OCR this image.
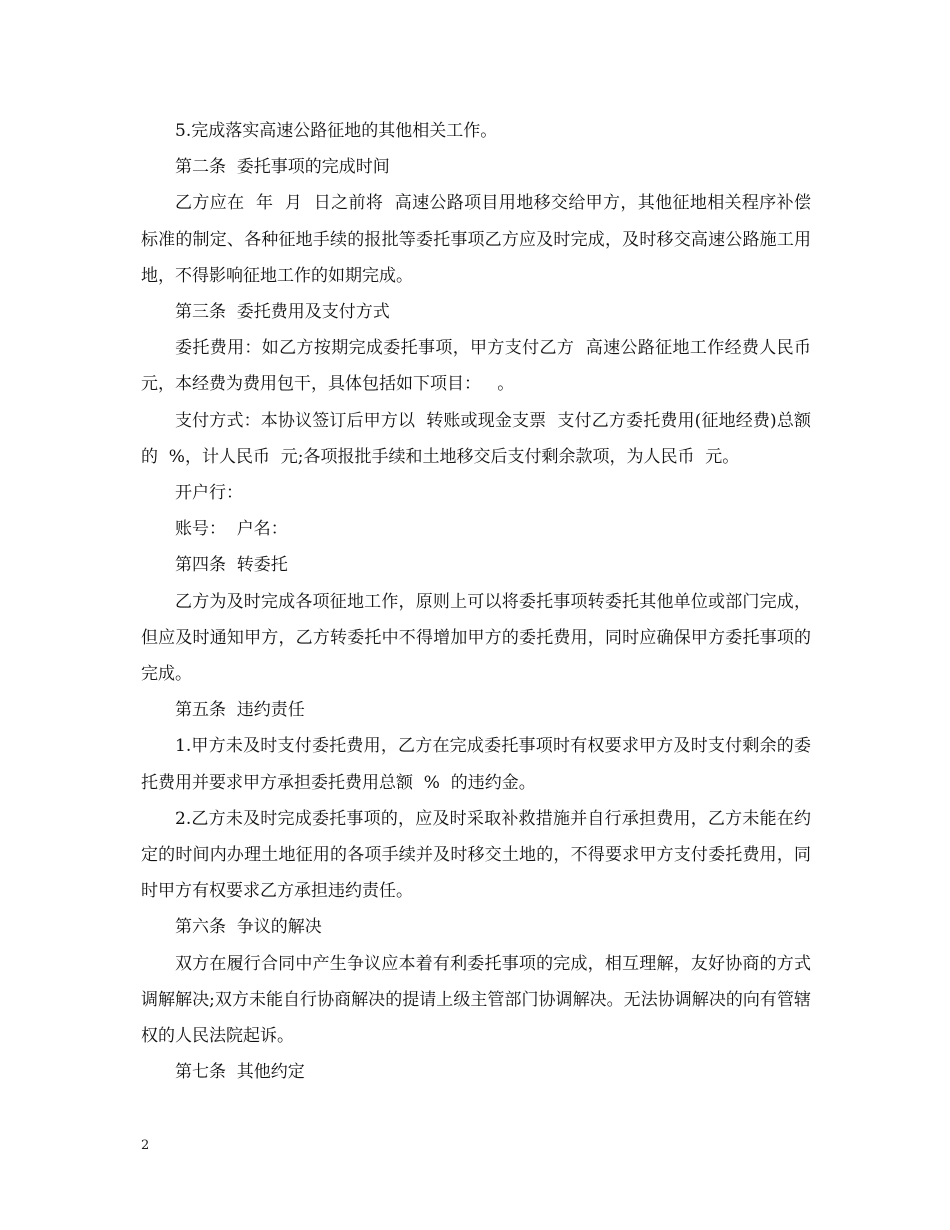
5.完成落实高速公路征地的其他相关工作。

第二条  委托事项的完成时间

乙方应在  年  月  日之前将  高速公路项目用地移交给甲方，其他征地相关程序补偿标准的制定、各种征地手续的报批等委托事项乙方应及时完成，及时移交高速公路施工用地，不得影响征地工作的如期完成。

第三条  委托费用及支付方式

委托费用：如乙方按期完成委托事项，甲方支付乙方  高速公路征地工作经费人民币  元，本经费为费用包干，具体包括如下项目：   。

支付方式：本协议签订后甲方以  转账或现金支票  支付乙方委托费用(征地经费)总额的  %，计人民币  元;各项报批手续和土地移交后支付剩余款项，为人民币  元。

开户行：

账号：  户名：

第四条  转委托

乙方为及时完成各项征地工作，原则上可以将委托事项转委托其他单位或部门完成，但应及时通知甲方，乙方转委托中不得增加甲方的委托费用，同时应确保甲方委托事项的完成。

第五条  违约责任

1.甲方未及时支付委托费用，乙方在完成委托事项时有权要求甲方及时支付剩余的委托费用并要求甲方承担委托费用总额  %  的违约金。

2.乙方未及时完成委托事项的，应及时采取补救措施并自行承担费用，乙方未能在约定的时间内办理土地征用的各项手续并及时移交土地的，不得要求甲方支付委托费用，同时甲方有权要求乙方承担违约责任。

第六条  争议的解决

双方在履行合同中产生争议应本着有利委托事项的完成，相互理解，友好协商的方式调解解决;双方未能自行协商解决的提请上级主管部门协调解决。无法协调解决的向有管辖权的人民法院起诉。

第七条  其他约定

2
